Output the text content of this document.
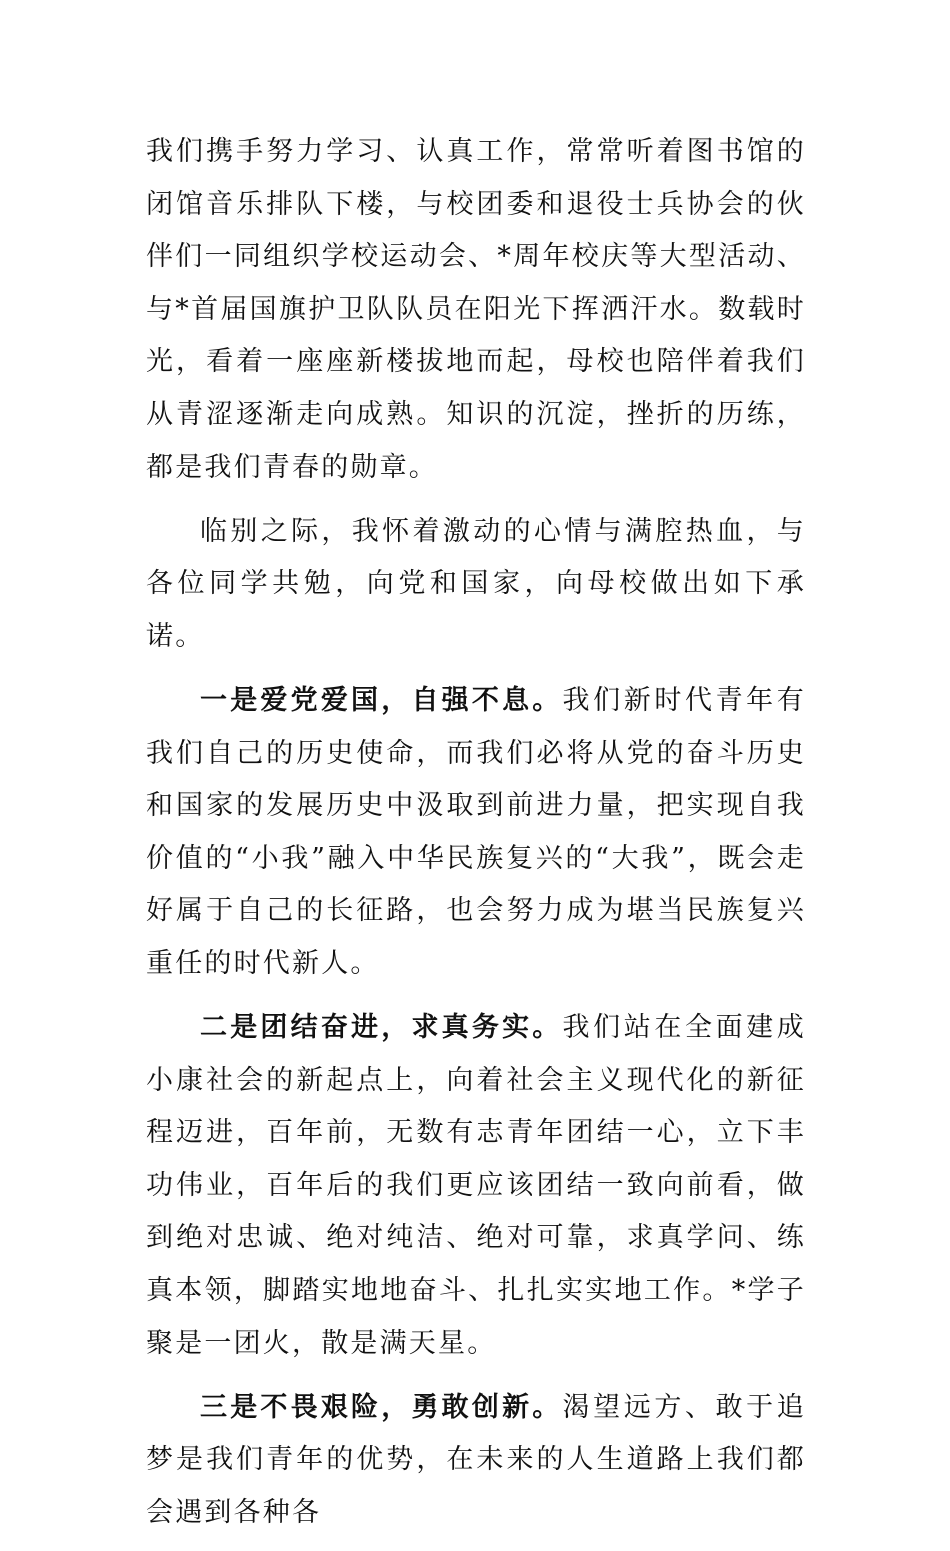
我们携手努力学习、认真工作，常常听着图书馆的闭馆音乐排队下楼，与校团委和退役士兵协会的伙伴们一同组织学校运动会、*周年校庆等大型活动、与*首届国旗护卫队队员在阳光下挥洒汗水。数载时光，看着一座座新楼拔地而起，母校也陪伴着我们从青涩逐渐走向成熟。知识的沉淀，挫折的历练，都是我们青春的勋章。

临别之际，我怀着激动的心情与满腔热血，与各位同学共勉，向党和国家，向母校做出如下承诺。

一是爱党爱国，自强不息。我们新时代青年有我们自己的历史使命，而我们必将从党的奋斗历史和国家的发展历史中汲取到前进力量，把实现自我价值的“小我”融入中华民族复兴的“大我”，既会走好属于自己的长征路，也会努力成为堪当民族复兴重任的时代新人。

二是团结奋进，求真务实。我们站在全面建成小康社会的新起点上，向着社会主义现代化的新征程迈进，百年前，无数有志青年团结一心，立下丰功伟业，百年后的我们更应该团结一致向前看，做到绝对忠诚、绝对纯洁、绝对可靠，求真学问、练真本领，脚踏实地地奋斗、扎扎实实地工作。*学子聚是一团火，散是满天星。

三是不畏艰险，勇敢创新。渴望远方、敢于追梦是我们青年的优势，在未来的人生道路上我们都会遇到各种各
